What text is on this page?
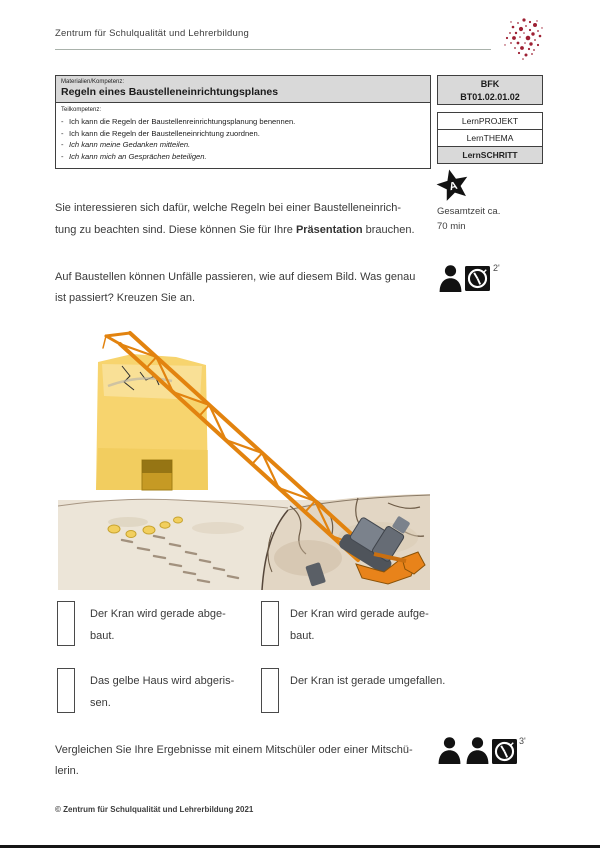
Zentrum für Schulqualität und Lehrerbildung
Materialien/Kompetenz:
Regeln eines Baustelleneinrichtungsplanes
Teilkompetenz:
- Ich kann die Regeln der Baustellenreinrichtungsplanung benennen.
- Ich kann die Regeln der Baustelleneinrichtung zuordnen.
- Ich kann meine Gedanken mitteilen.
- Ich kann mich an Gesprächen beteiligen.
BFK
BT01.02.01.02
LernPROJEKT
LernTHEMA
LernSCHRITT
A
Gesamtzeit ca.
70 min
Sie interessieren sich dafür, welche Regeln bei einer Baustelleneinrich-
tung zu beachten sind. Diese können Sie für Ihre Präsentation brauchen.
Auf Baustellen können Unfälle passieren, wie auf diesem Bild. Was genau
ist passiert? Kreuzen Sie an.
2'
Der Kran wird gerade abge-
baut.
Der Kran wird gerade aufge-
baut.
Das gelbe Haus wird abgeris-
sen.
Der Kran ist gerade umgefallen.
Vergleichen Sie Ihre Ergebnisse mit einem Mitschüler oder einer Mitschü-
lerin.
3'
© Zentrum für Schulqualität und Lehrerbildung 2021
